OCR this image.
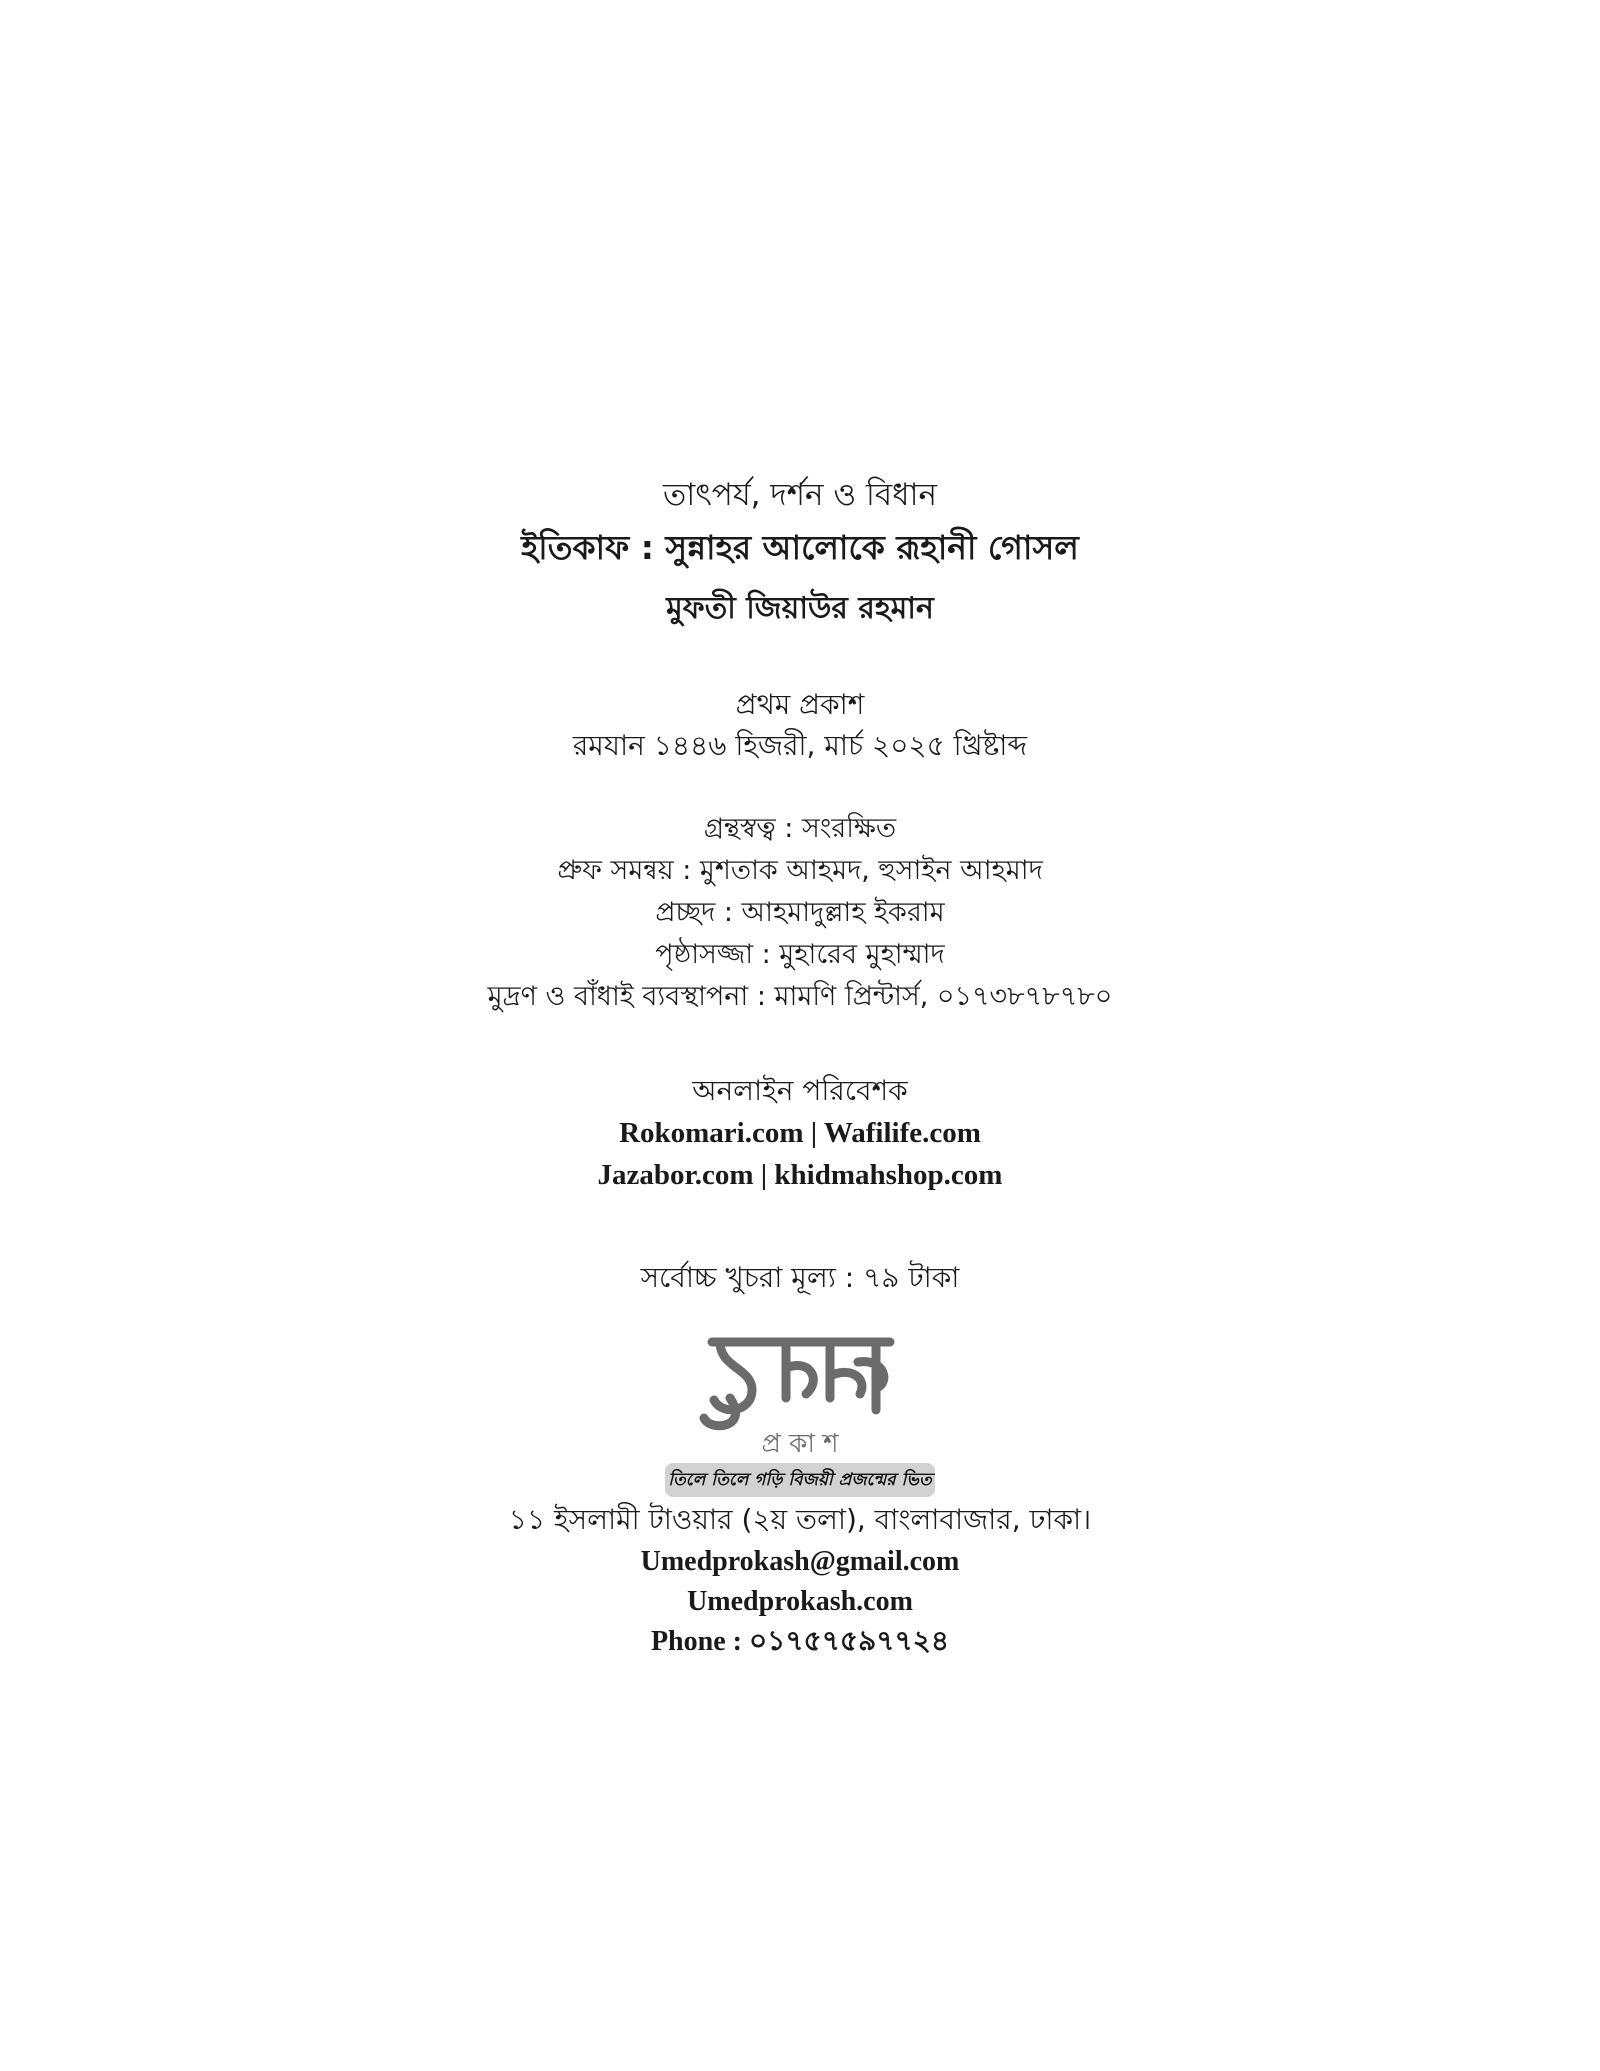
তাৎপর্য, দর্শন ও বিধান
ইতিকাফ : সুন্নাহর আলোকে রূহানী গোসল
মুফতী জিয়াউর রহমান
প্রথম প্রকাশ
রমযান ১৪৪৬ হিজরী, মার্চ ২০২৫ খ্রিষ্টাব্দ
গ্রন্থস্বত্ব : সংরক্ষিত
প্রুফ সমন্বয় : মুশতাক আহমদ, হুসাইন আহমাদ
প্রচ্ছদ : আহমাদুল্লাহ ইকরাম
পৃষ্ঠাসজ্জা : মুহারেব মুহাম্মাদ
মুদ্রণ ও বাঁধাই ব্যবস্থাপনা : মামণি প্রিন্টার্স, ০১৭৩৮৭৮৭৮০
অনলাইন পরিবেশক
Rokomari.com | Wafilife.com
Jazabor.com | khidmahshop.com
সর্বোচ্চ খুচরা মূল্য : ৭৯ টাকা
প্র কা শ
তিলে তিলে গড়ি বিজয়ী প্রজন্মের ভিত
১১ ইসলামী টাওয়ার (২য় তলা), বাংলাবাজার, ঢাকা।
Umedprokash@gmail.com
Umedprokash.com
Phone : ০১৭৫৭৫৯৭৭২৪
